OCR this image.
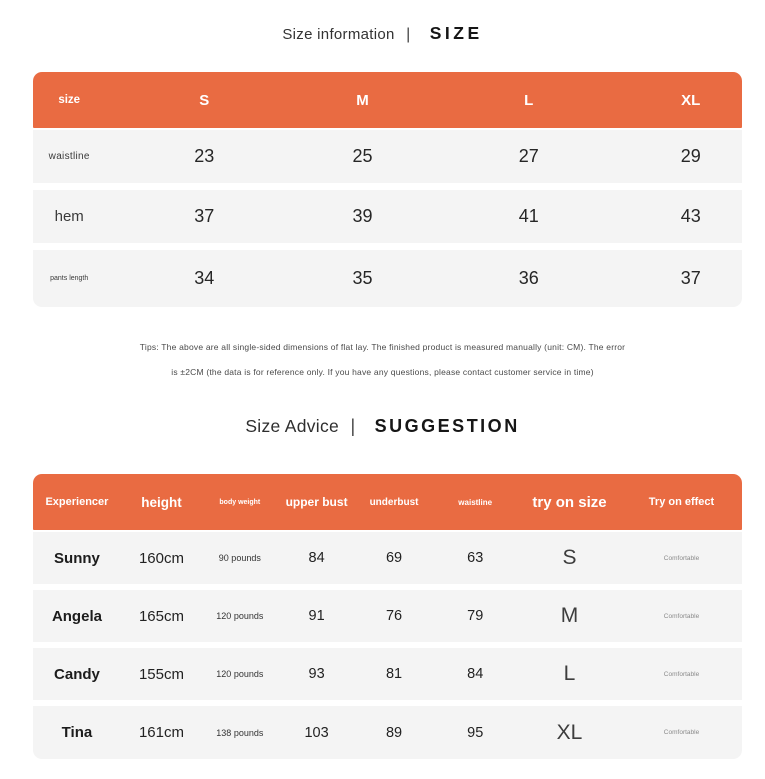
Size information | SIZE
size	S	M	L	XL
waistline	23	25	27	29
hem	37	39	41	43
pants length	34	35	36	37
Tips: The above are all single-sided dimensions of flat lay. The finished product is measured manually (unit: CM). The error
is ±2CM (the data is for reference only. If you have any questions, please contact customer service in time)
Size Advice | SUGGESTION
Experiencer	height	body weight	upper bust	underbust	waistline	try on size	Try on effect
Sunny	160cm	90 pounds	84	69	63	S	Comfortable
Angela	165cm	120 pounds	91	76	79	M	Comfortable
Candy	155cm	120 pounds	93	81	84	L	Comfortable
Tina	161cm	138 pounds	103	89	95	XL	Comfortable
